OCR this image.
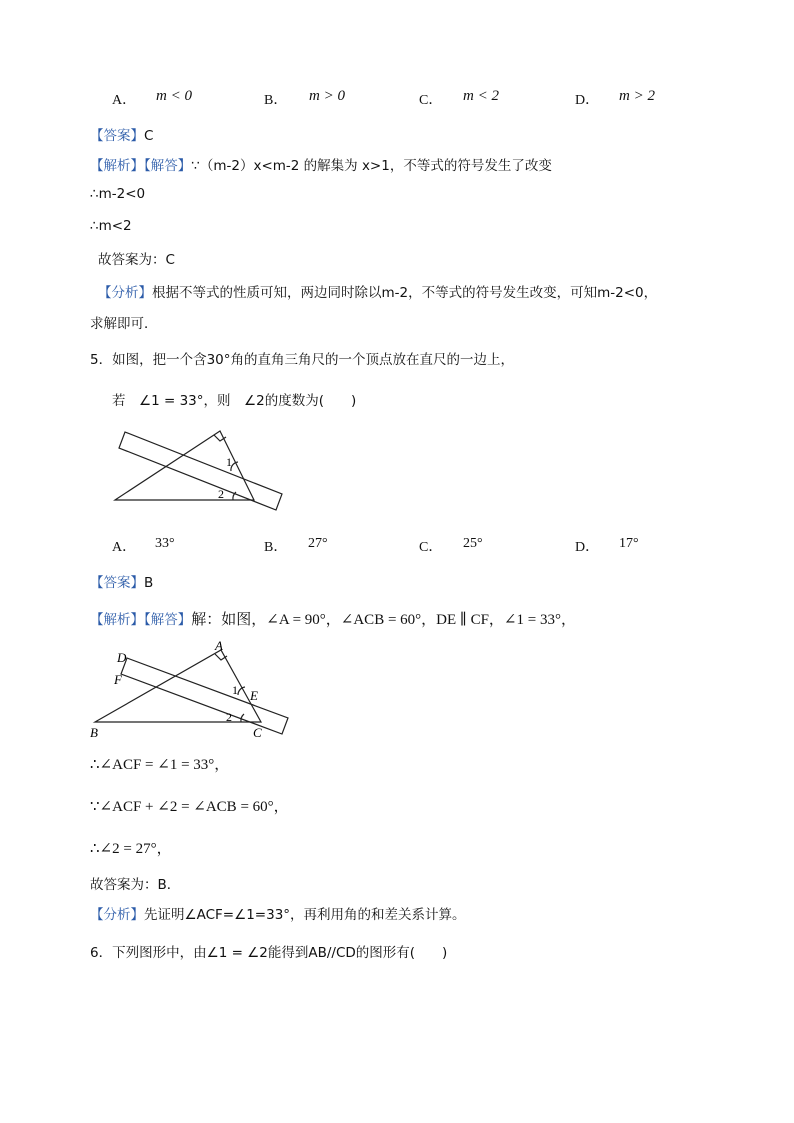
A． m < 0	B． m > 0	C． m < 2	D． m > 2
【答案】C
【解析】【解答】∵（m-2）x<m-2 的解集为 x>1，不等式的符号发生了改变
∴m-2<0
∴m<2
故答案为：C
【分析】根据不等式的性质可知，两边同时除以m-2，不等式的符号发生改变，可知m-2<0，
求解即可．
5．如图，把一个含30°角的直角三角尺的一个顶点放在直尺的一边上，
若　∠1 = 33°，则　∠2的度数为(　　)
1
2
A． 33°	B． 27°	C． 25°	D． 17°
【答案】B
【解析】【解答】解：如图，∠A = 90°，∠ACB = 60°，DE ∥ CF，∠1 = 33°，
A
D
F
E
B	C
1
2
∴∠ACF = ∠1 = 33°，
∵∠ACF + ∠2 = ∠ACB = 60°，
∴∠2 = 27°，
故答案为：B．
【分析】先证明∠ACF=∠1=33°，再利用角的和差关系计算。
6．下列图形中，由∠1 = ∠2能得到AB//CD的图形有(　　)
